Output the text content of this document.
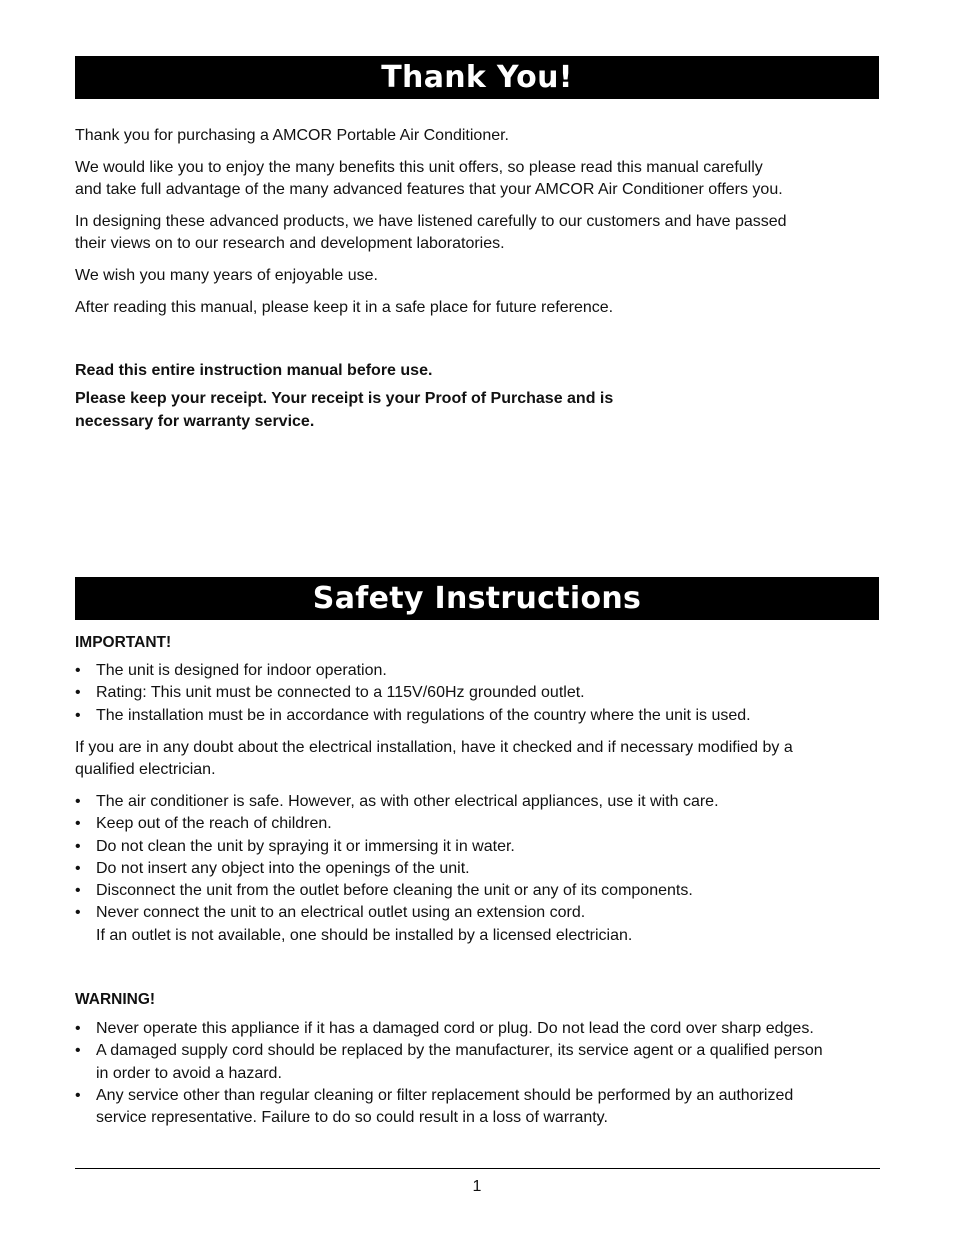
Thank You!

Thank you for purchasing a AMCOR Portable Air Conditioner.

We would like you to enjoy the many benefits this unit offers, so please read this manual carefully

and take full advantage of the many advanced features that your AMCOR Air Conditioner offers you.

In designing these advanced products, we have listened carefully to our customers and have passed

their views on to our research and development laboratories.

We wish you many years of enjoyable use.

After reading this manual, please keep it in a safe place for future reference.

Read this entire instruction manual before use.

Please keep your receipt. Your receipt is your Proof of Purchase and is

necessary for warranty service.

Safety Instructions

IMPORTANT!

• The unit is designed for indoor operation.
• Rating: This unit must be connected to a 115V/60Hz grounded outlet.
• The installation must be in accordance with regulations of the country where the unit is used.

If you are in any doubt about the electrical installation, have it checked and if necessary modified by a

qualified electrician.

• The air conditioner is safe. However, as with other electrical appliances, use it with care.
• Keep out of the reach of children.
• Do not clean the unit by spraying it or immersing it in water.
• Do not insert any object into the openings of the unit.
• Disconnect the unit from the outlet before cleaning the unit or any of its components.
• Never connect the unit to an electrical outlet using an extension cord.
If an outlet is not available, one should be installed by a licensed electrician.

WARNING!

• Never operate this appliance if it has a damaged cord or plug. Do not lead the cord over sharp edges.
• A damaged supply cord should be replaced by the manufacturer, its service agent or a qualified person
in order to avoid a hazard.
• Any service other than regular cleaning or filter replacement should be performed by an authorized
service representative. Failure to do so could result in a loss of warranty.
1
